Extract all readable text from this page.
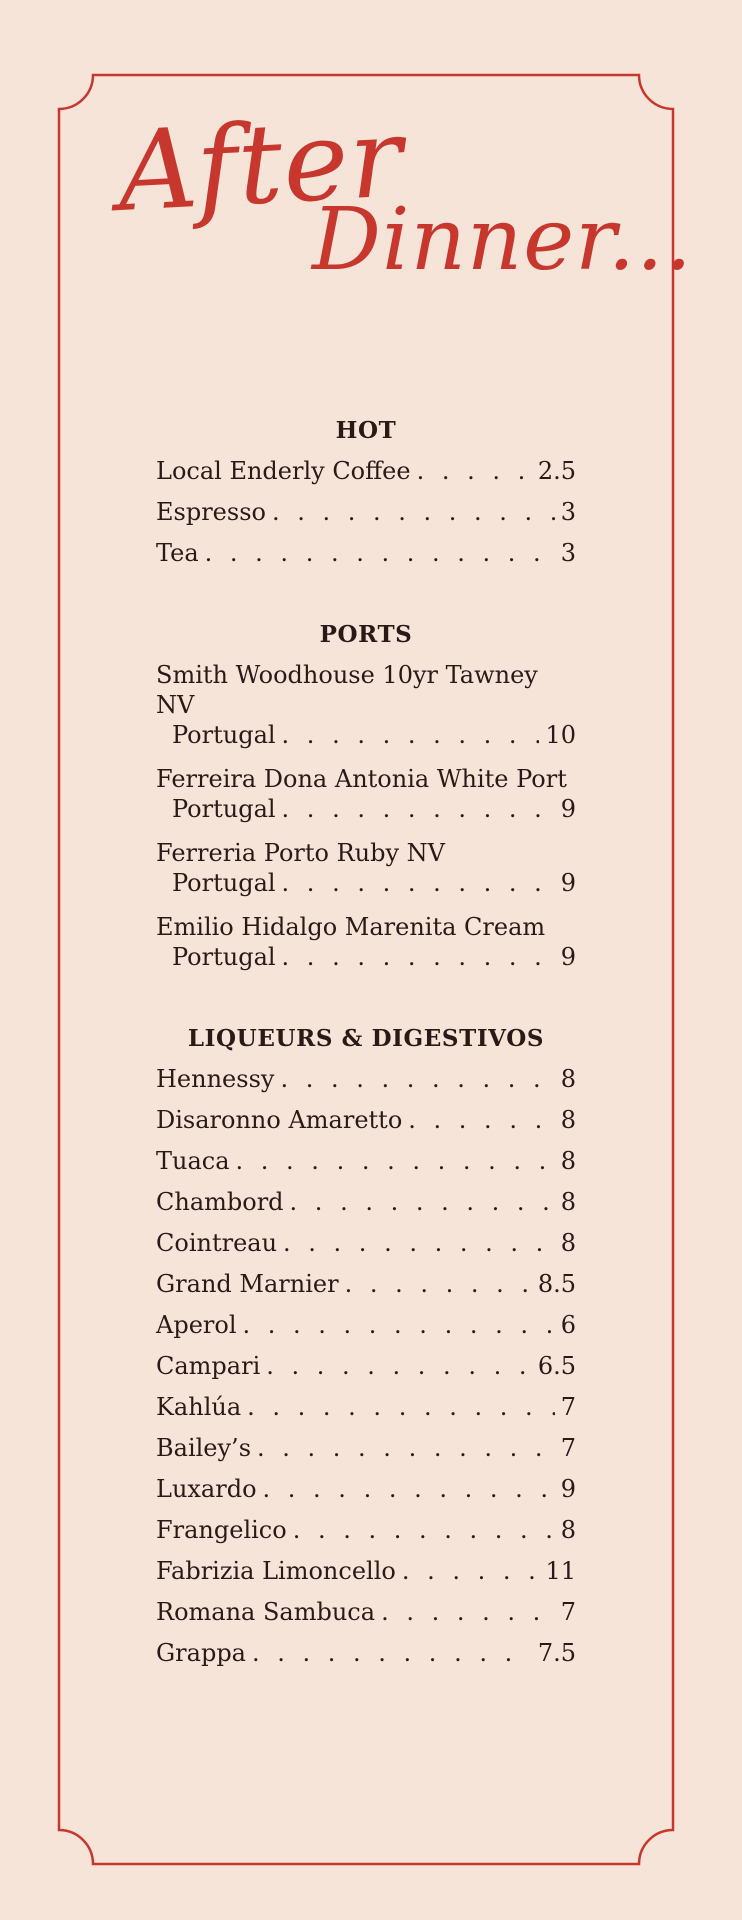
After
Dinner...
HOT
Local Enderly Coffee . . .	2.5
Espresso . . .	3
Tea . . .	3
PORTS
Smith Woodhouse 10yr Tawney NV
Portugal . . .	10
Ferreira Dona Antonia White Port
Portugal . . .	9
Ferreria Porto Ruby NV
Portugal . . .	9
Emilio Hidalgo Marenita Cream
Portugal . . .	9
LIQUEURS & DIGESTIVOS
Hennessy . . .	8
Disaronno Amaretto . . .	8
Tuaca . . .	8
Chambord . . .	8
Cointreau . . .	8
Grand Marnier . . .	8.5
Aperol . . .	6
Campari . . .	6.5
Kahlúa . . .	7
Bailey’s . . .	7
Luxardo . . .	9
Frangelico . . .	8
Fabrizia Limoncello . . .	11
Romana Sambuca . . .	7
Grappa . . .	7.5
